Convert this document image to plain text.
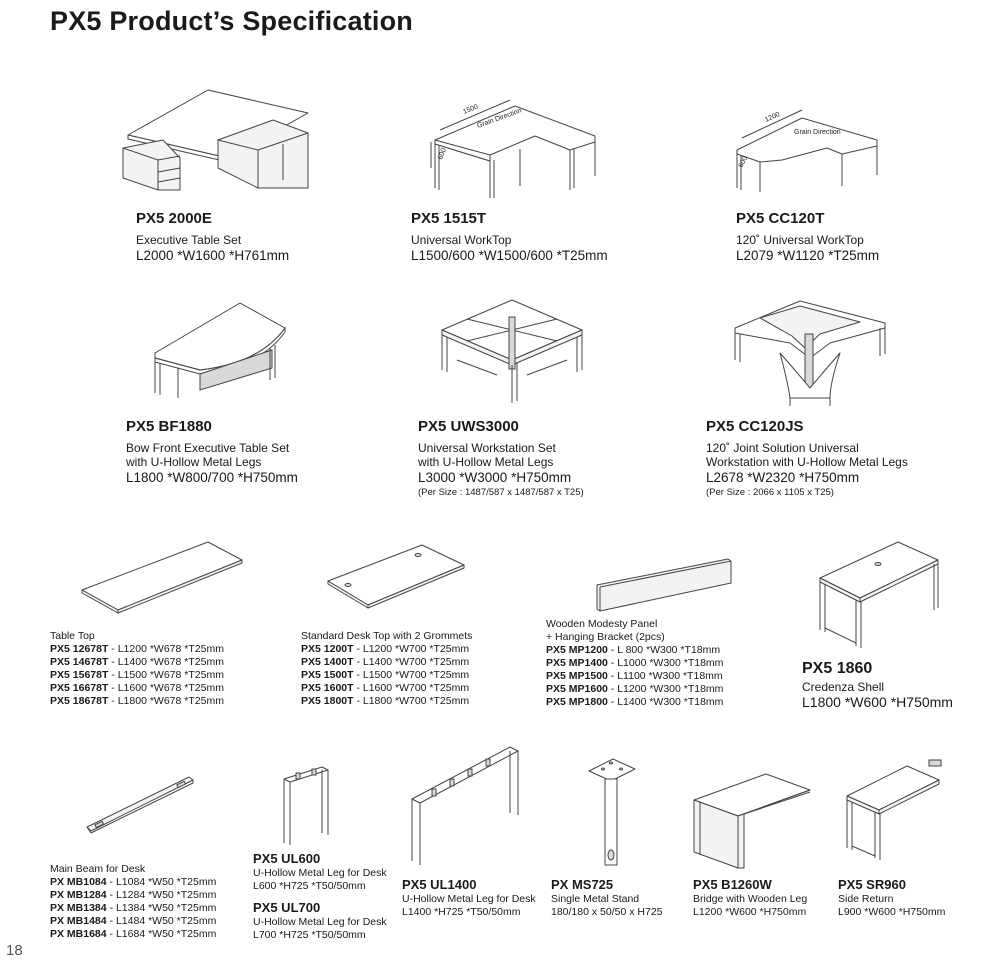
PX5 Product’s Specification
PX5 2000E
Executive Table Set
L2000 *W1600 *H761mm
1500
600
Grain Direction
PX5 1515T
Universal WorkTop
L1500/600 *W1500/600 *T25mm
1200
600
Grain Direction
PX5 CC120T
120˚ Universal WorkTop
L2079 *W1120 *T25mm
PX5 BF1880
Bow Front Executive Table Set
with U-Hollow Metal Legs
L1800 *W800/700 *H750mm
PX5 UWS3000
Universal Workstation Set
with U-Hollow Metal Legs
L3000 *W3000 *H750mm
(Per Size : 1487/587 x 1487/587 x T25)
PX5 CC120JS
120˚ Joint Solution Universal
Workstation with U-Hollow Metal Legs
L2678 *W2320 *H750mm
(Per Size : 2066 x 1105 x T25)
Table Top
PX5 12678T - L1200 *W678 *T25mm
PX5 14678T - L1400 *W678 *T25mm
PX5 15678T - L1500 *W678 *T25mm
PX5 16678T - L1600 *W678 *T25mm
PX5 18678T - L1800 *W678 *T25mm
Standard Desk Top with 2 Grommets
PX5 1200T - L1200 *W700 *T25mm
PX5 1400T - L1400 *W700 *T25mm
PX5 1500T - L1500 *W700 *T25mm
PX5 1600T - L1600 *W700 *T25mm
PX5 1800T - L1800 *W700 *T25mm
Wooden Modesty Panel
+ Hanging Bracket (2pcs)
PX5 MP1200 - L 800 *W300 *T18mm
PX5 MP1400 - L1000 *W300 *T18mm
PX5 MP1500 - L1100 *W300 *T18mm
PX5 MP1600 - L1200 *W300 *T18mm
PX5 MP1800 - L1400 *W300 *T18mm
PX5 1860
Credenza Shell
L1800 *W600 *H750mm
Main Beam for Desk
PX MB1084 - L1084 *W50 *T25mm
PX MB1284 - L1284 *W50 *T25mm
PX MB1384 - L1384 *W50 *T25mm
PX MB1484 - L1484 *W50 *T25mm
PX MB1684 - L1684 *W50 *T25mm
PX5 UL600
U-Hollow Metal Leg for Desk
L600 *H725 *T50/50mm
PX5 UL700
U-Hollow Metal Leg for Desk
L700 *H725 *T50/50mm
PX5 UL1400
U-Hollow Metal Leg for Desk
L1400 *H725 *T50/50mm
PX MS725
Single Metal Stand
180/180 x 50/50 x H725
PX5 B1260W
Bridge with Wooden Leg
L1200 *W600 *H750mm
PX5 SR960
Side Return
L900 *W600 *H750mm
18
